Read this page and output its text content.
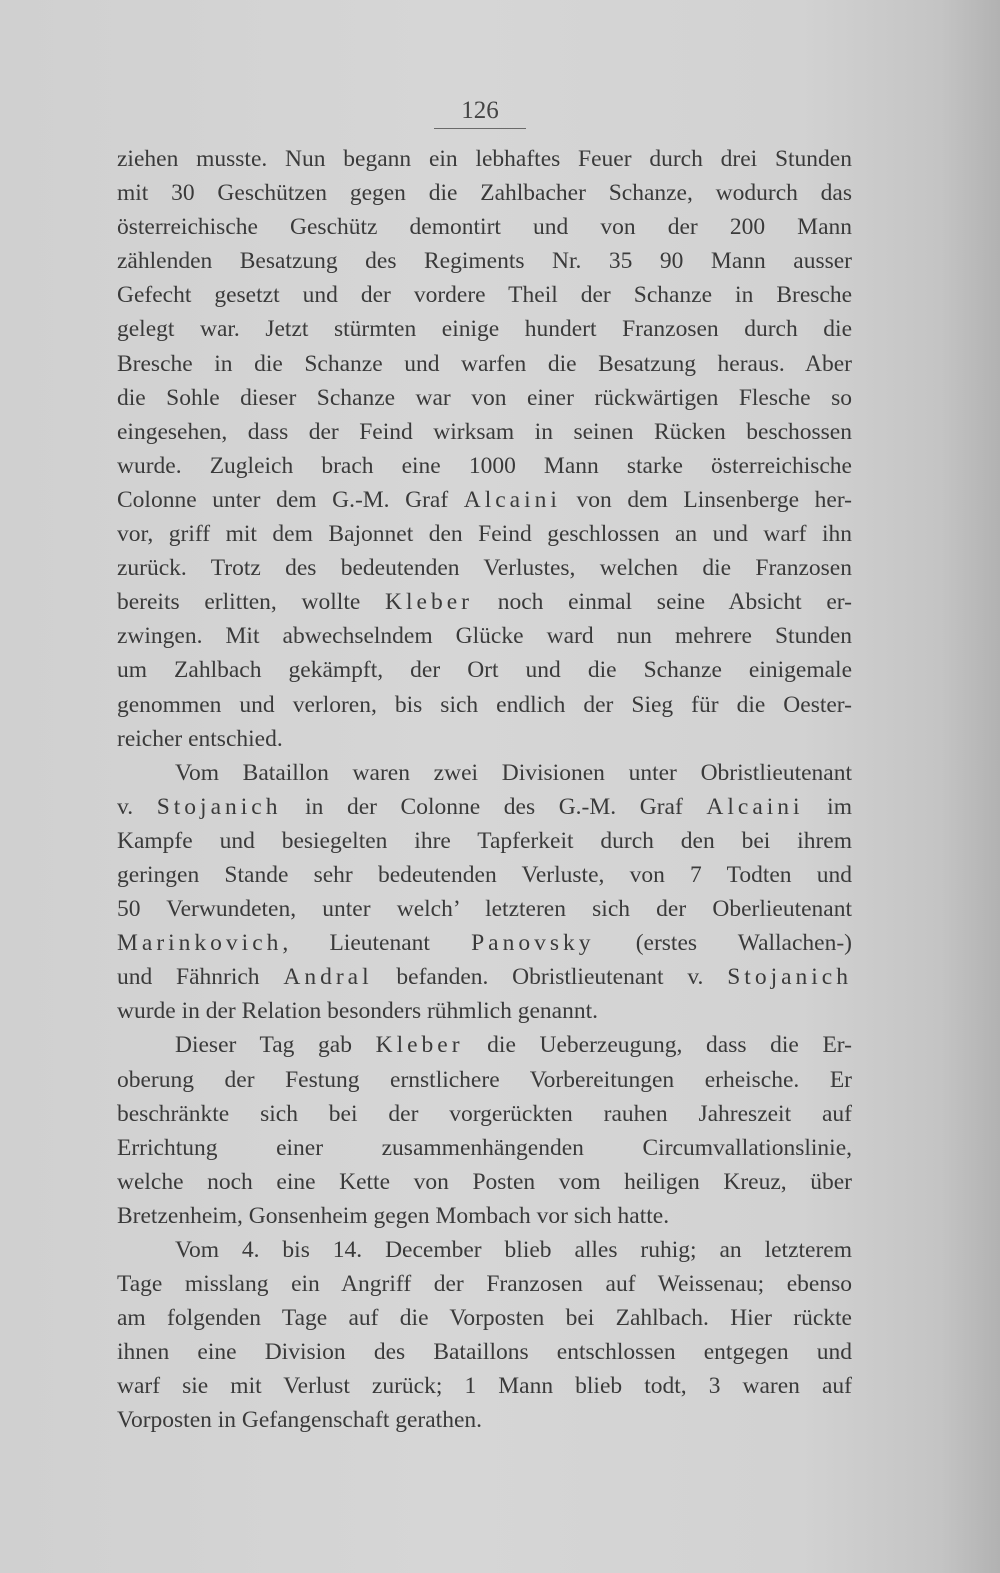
126
ziehen musste. Nun begann ein lebhaftes Feuer durch drei Stunden
mit 30 Geschützen gegen die Zahlbacher Schanze, wodurch das
österreichische Geschütz demontirt und von der 200 Mann
zählenden Besatzung des Regiments Nr. 35 90 Mann ausser
Gefecht gesetzt und der vordere Theil der Schanze in Bresche
gelegt war. Jetzt stürmten einige hundert Franzosen durch die
Bresche in die Schanze und warfen die Besatzung heraus. Aber
die Sohle dieser Schanze war von einer rückwärtigen Flesche so
eingesehen, dass der Feind wirksam in seinen Rücken beschossen
wurde. Zugleich brach eine 1000 Mann starke österreichische
Colonne unter dem G.-M. Graf Alcaini von dem Linsenberge her-
vor, griff mit dem Bajonnet den Feind geschlossen an und warf ihn
zurück. Trotz des bedeutenden Verlustes, welchen die Franzosen
bereits erlitten, wollte Kleber noch einmal seine Absicht er-
zwingen. Mit abwechselndem Glücke ward nun mehrere Stunden
um Zahlbach gekämpft, der Ort und die Schanze einigemale
genommen und verloren, bis sich endlich der Sieg für die Oester-
reicher entschied.
Vom Bataillon waren zwei Divisionen unter Obristlieutenant
v. Stojanich in der Colonne des G.-M. Graf Alcaini im
Kampfe und besiegelten ihre Tapferkeit durch den bei ihrem
geringen Stande sehr bedeutenden Verluste, von 7 Todten und
50 Verwundeten, unter welch’ letzteren sich der Oberlieutenant
Marinkovich, Lieutenant Panovsky (erstes Wallachen-)
und Fähnrich Andral befanden. Obristlieutenant v. Stojanich
wurde in der Relation besonders rühmlich genannt.
Dieser Tag gab Kleber die Ueberzeugung, dass die Er-
oberung der Festung ernstlichere Vorbereitungen erheische. Er
beschränkte sich bei der vorgerückten rauhen Jahreszeit auf
Errichtung einer zusammenhängenden Circumvallationslinie,
welche noch eine Kette von Posten vom heiligen Kreuz, über
Bretzenheim, Gonsenheim gegen Mombach vor sich hatte.
Vom 4. bis 14. December blieb alles ruhig; an letzterem
Tage misslang ein Angriff der Franzosen auf Weissenau; ebenso
am folgenden Tage auf die Vorposten bei Zahlbach. Hier rückte
ihnen eine Division des Bataillons entschlossen entgegen und
warf sie mit Verlust zurück; 1 Mann blieb todt, 3 waren auf
Vorposten in Gefangenschaft gerathen.
